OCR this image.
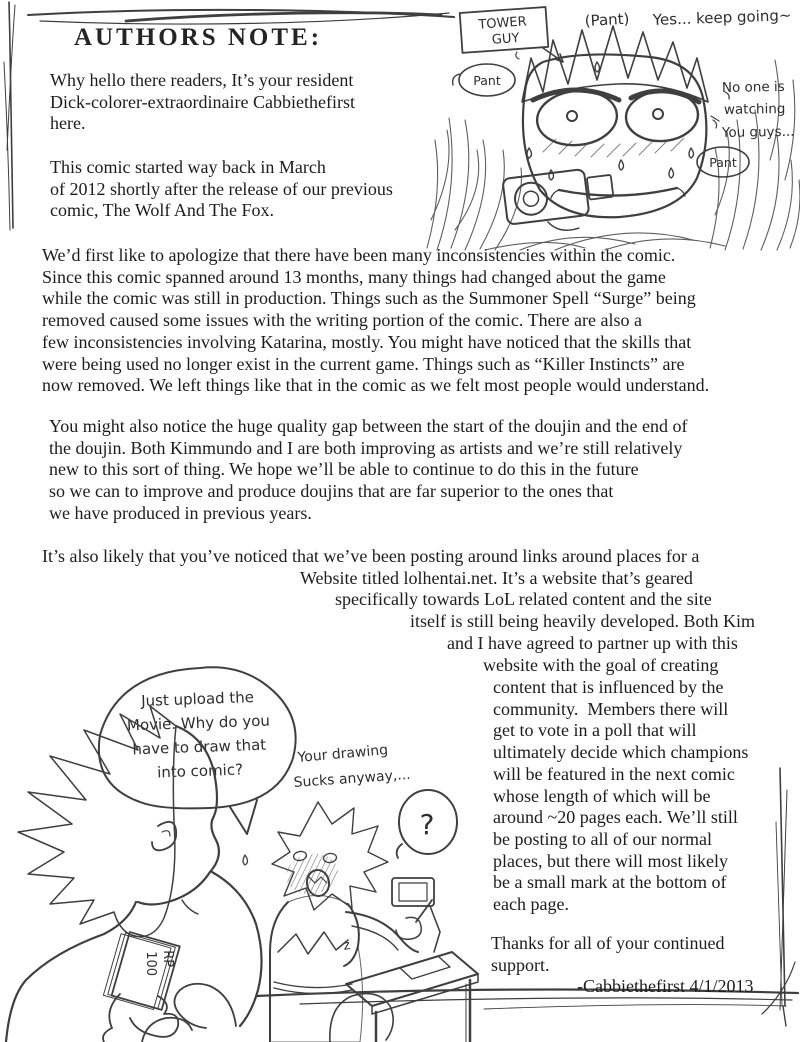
AUTHORS NOTE:
Why hello there readers, It’s your resident
Dick-colorer-extraordinaire Cabbiethefirst
here.
This comic started way back in March
of 2012 shortly after the release of our previous
comic, The Wolf And The Fox.
We’d first like to apologize that there have been many inconsistencies within the comic.
Since this comic spanned around 13 months, many things had changed about the game
while the comic was still in production. Things such as the Summoner Spell “Surge” being
removed caused some issues with the writing portion of the comic. There are also a
few inconsistencies involving Katarina, mostly. You might have noticed that the skills that
were being used no longer exist in the current game. Things such as “Killer Instincts” are
now removed. We left things like that in the comic as we felt most people would understand.
You might also notice the huge quality gap between the start of the doujin and the end of
the doujin. Both Kimmundo and I are both improving as artists and we’re still relatively
new to this sort of thing. We hope we’ll be able to continue to do this in the future
so we can to improve and produce doujins that are far superior to the ones that
we have produced in previous years.
It’s also likely that you’ve noticed that we’ve been posting around links around places for a
Website titled lolhentai.net. It’s a website that’s geared
specifically towards LoL related content and the site
itself is still being heavily developed. Both Kim
and I have agreed to partner up with this
website with the goal of creating
content that is influenced by the
community.  Members there will
get to vote in a poll that will
ultimately decide which champions
will be featured in the next comic
whose length of which will be
around ~20 pages each. We’ll still
be posting to all of our normal
places, but there will most likely
be a small mark at the bottom of
each page.
Thanks for all of your continued
support.
-Cabbiethefirst 4/1/2013
TOWER
GUY
(Pant) Yes... keep going~
Pant	No one is
watching
You guys...
Pant
Just upload the
Movie. Why do you
have to draw that
into comic?
Your drawing
Sucks anyway,...
?
RP
100
z
